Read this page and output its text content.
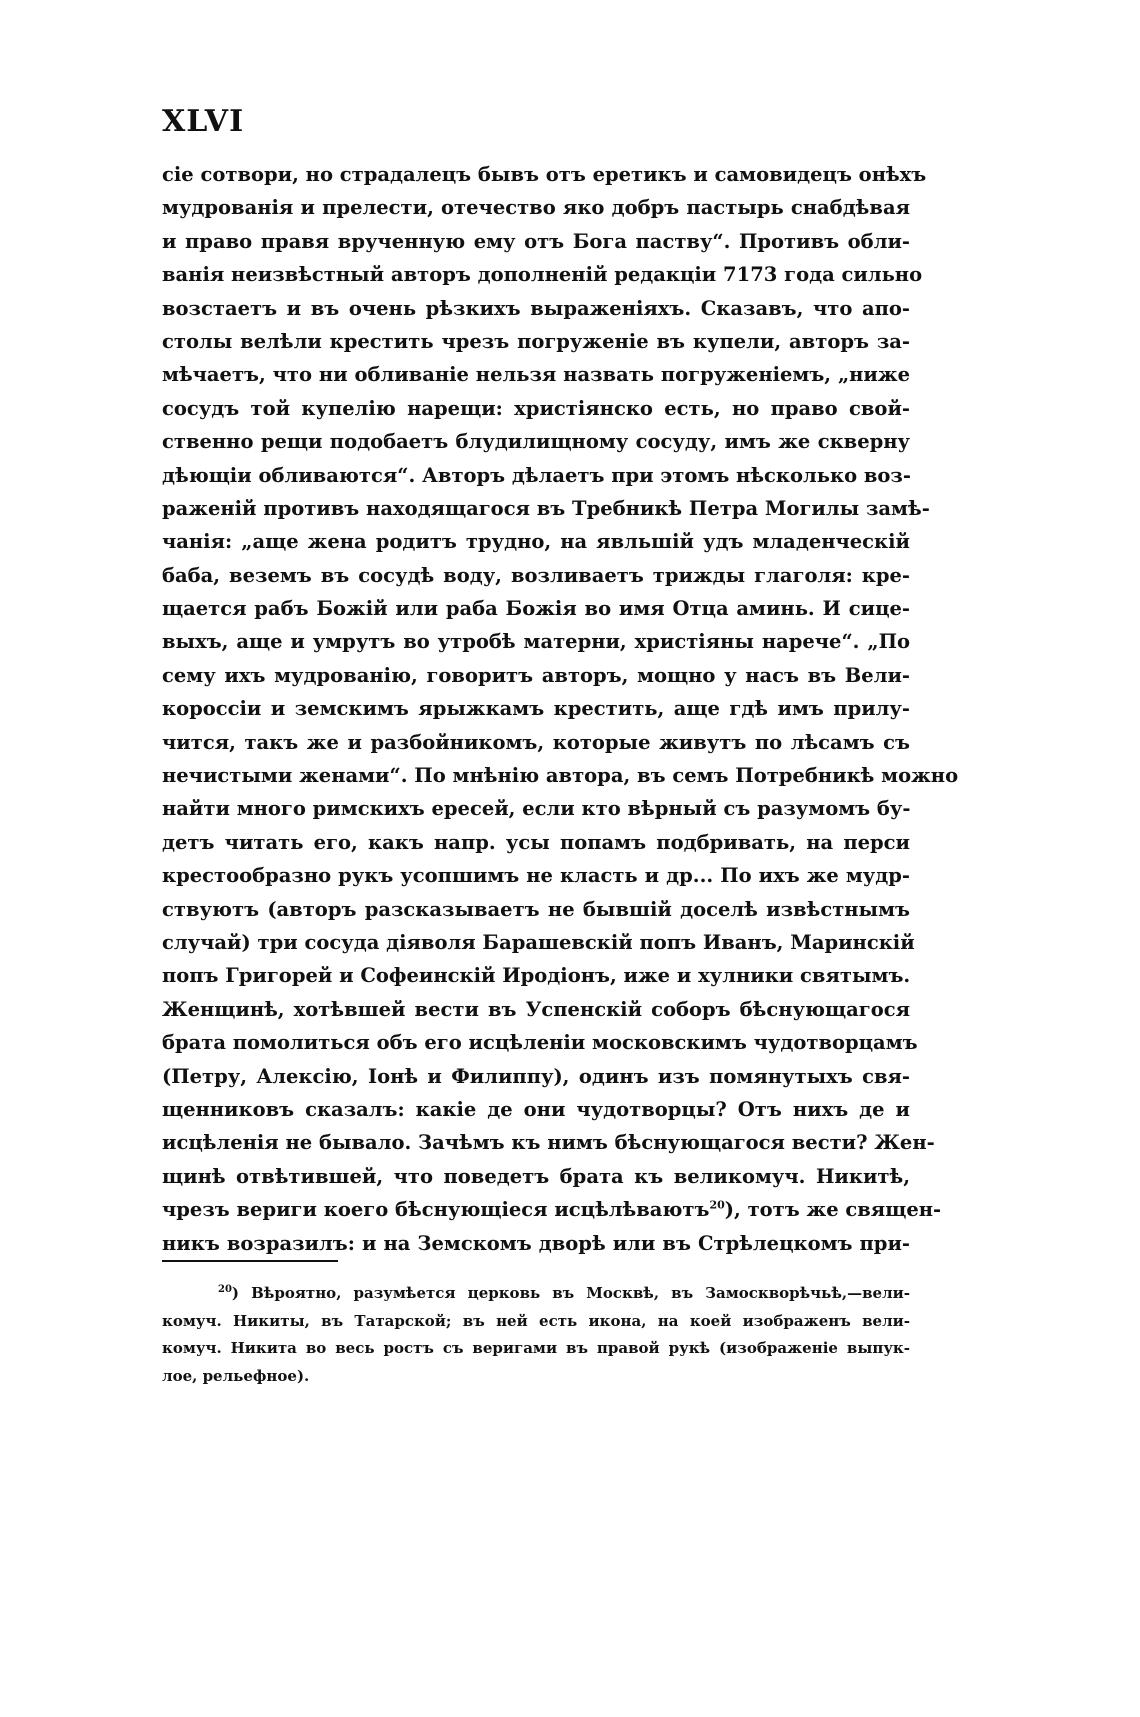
XLVI
сіе сотвори, но страдалецъ бывъ отъ еретикъ и самовидецъ онѣхъ
мудрованія и прелести, отечество яко добръ пастырь снабдѣвая
и право правя врученную ему отъ Бога паству“. Противъ обли-
ванія неизвѣстный авторъ дополненій редакціи 7173 года сильно
возстаетъ и въ очень рѣзкихъ выраженіяхъ. Сказавъ, что апо-
столы велѣли крестить чрезъ погруженіе въ купели, авторъ за-
мѣчаетъ, что ни обливаніе нельзя назвать погруженіемъ, „ниже
сосудъ той купелію нарещи: христіянско есть, но право свой-
ственно рещи подобаетъ блудилищному сосуду, имъ же скверну
дѣющіи обливаются“. Авторъ дѣлаетъ при этомъ нѣсколько воз-
раженій противъ находящагося въ Требникѣ Петра Могилы замѣ-
чанія: „аще жена родитъ трудно, на явльшій удъ младенческій
баба, веземъ въ сосудѣ воду, возливаетъ трижды глаголя: кре-
щается рабъ Божій или раба Божія во имя Отца аминь. И сице-
выхъ, аще и умрутъ во утробѣ матерни, христіяны нарече“. „По
сему ихъ мудрованію, говоритъ авторъ, мощно у насъ въ Вели-
короссіи и земскимъ ярыжкамъ крестить, аще гдѣ имъ прилу-
чится, такъ же и разбойникомъ, которые живутъ по лѣсамъ съ
нечистыми женами“. По мнѣнію автора, въ семъ Потребникѣ можно
найти много римскихъ ересей, если кто вѣрный съ разумомъ бу-
детъ читать его, какъ напр. усы попамъ подбривать, на перси
крестообразно рукъ усопшимъ не класть и др... По ихъ же мудр-
ствуютъ (авторъ разсказываетъ не бывшій доселѣ извѣстнымъ
случай) три сосуда діяволя Барашевскій попъ Иванъ, Маринскій
попъ Григорей и Софеинскій Иродіонъ, иже и хулники святымъ.
Женщинѣ, хотѣвшей вести въ Успенскій соборъ бѣснующагося
брата помолиться объ его исцѣленіи московскимъ чудотворцамъ
(Петру, Алексію, Іонѣ и Филиппу), одинъ изъ помянутыхъ свя-
щенниковъ сказалъ: какіе де они чудотворцы? Отъ нихъ де и
исцѣленія не бывало. Зачѣмъ къ нимъ бѣснующагося вести? Жен-
щинѣ отвѣтившей, что поведетъ брата къ великомуч. Никитѣ,
чрезъ вериги коего бѣснующіеся исцѣлѣваютъ$^{20}$), тотъ же священ-
никъ возразилъ: и на Земскомъ дворѣ или въ Стрѣлецкомъ при-
$^{20}$) Вѣроятно, разумѣется церковь въ Москвѣ, въ Замоскворѣчьѣ,—вели-
комуч. Никиты, въ Татарской; въ ней есть икона, на коей изображенъ вели-
комуч. Никита во весь ростъ съ веригами въ правой рукѣ (изображеніе выпук-
лое, рельефное).
